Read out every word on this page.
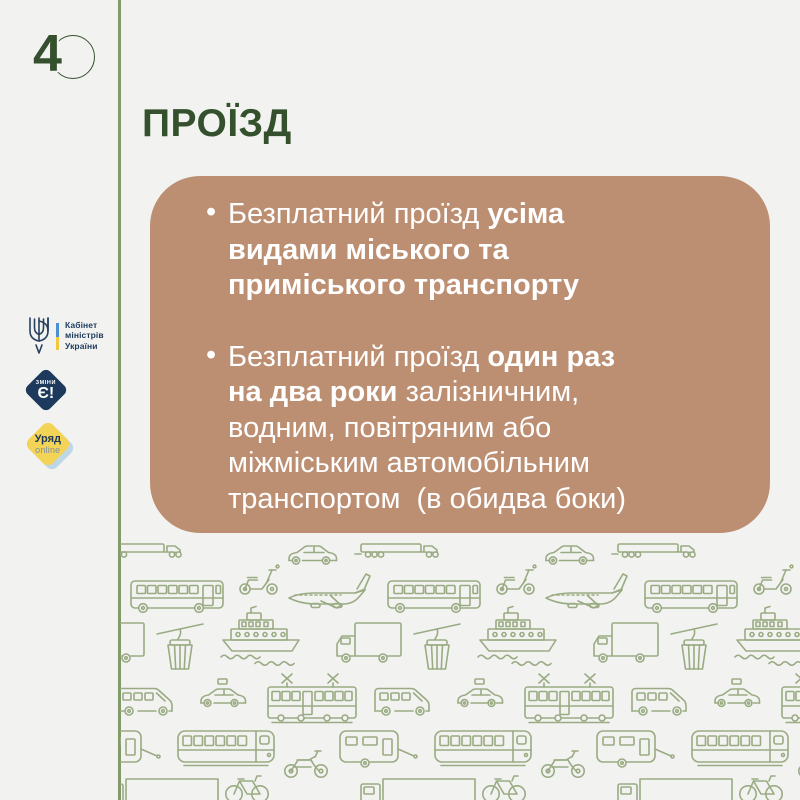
4
Кабінет
міністрів
України
ЗМІНИ
Є!
Уряд
online
ПРОЇЗД
• Безплатний проїзд усіма
видами міського та
приміського транспорту
• Безплатний проїзд один раз
на два роки залізничним,
водним, повітряним або
міжміським автомобільним
транспортом  (в обидва боки)
